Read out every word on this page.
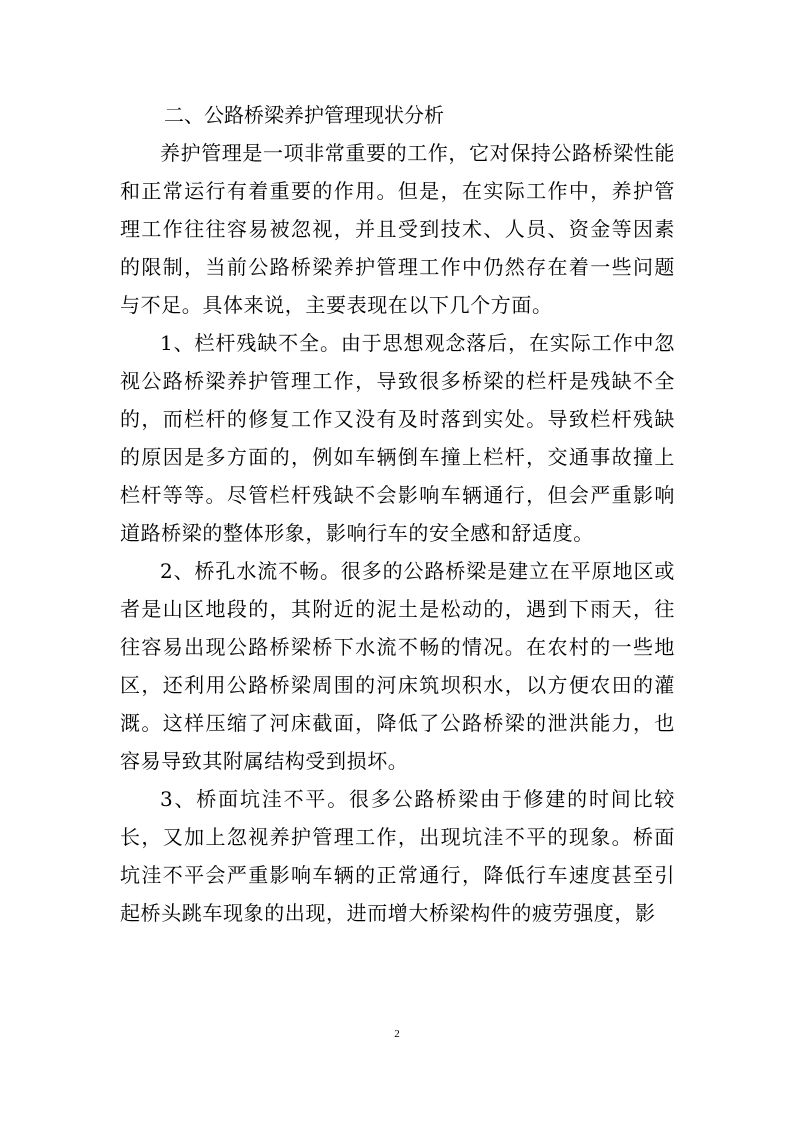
二、公路桥梁养护管理现状分析

养护管理是一项非常重要的工作，它对保持公路桥梁性能和正常运行有着重要的作用。但是，在实际工作中，养护管理工作往往容易被忽视，并且受到技术、人员、资金等因素的限制，当前公路桥梁养护管理工作中仍然存在着一些问题与不足。具体来说，主要表现在以下几个方面。

1、栏杆残缺不全。由于思想观念落后，在实际工作中忽视公路桥梁养护管理工作，导致很多桥梁的栏杆是残缺不全的，而栏杆的修复工作又没有及时落到实处。导致栏杆残缺的原因是多方面的，例如车辆倒车撞上栏杆，交通事故撞上栏杆等等。尽管栏杆残缺不会影响车辆通行，但会严重影响道路桥梁的整体形象，影响行车的安全感和舒适度。

2、桥孔水流不畅。很多的公路桥梁是建立在平原地区或者是山区地段的，其附近的泥土是松动的，遇到下雨天，往往容易出现公路桥梁桥下水流不畅的情况。在农村的一些地区，还利用公路桥梁周围的河床筑坝积水，以方便农田的灌溉。这样压缩了河床截面，降低了公路桥梁的泄洪能力，也容易导致其附属结构受到损坏。

3、桥面坑洼不平。很多公路桥梁由于修建的时间比较长，又加上忽视养护管理工作，出现坑洼不平的现象。桥面坑洼不平会严重影响车辆的正常通行，降低行车速度甚至引起桥头跳车现象的出现，进而增大桥梁构件的疲劳强度，影

2
